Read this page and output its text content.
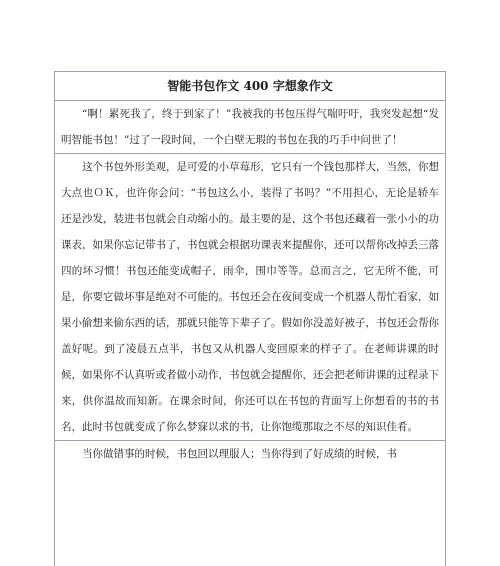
智能书包作文 400 字想象作文
“啊！累死我了，终于到家了！”我被我的书包压得气喘吁吁，我突发起想“发明智能书包！”过了一段时间，一个白壁无瑕的书包在我的巧手中问世了！
这个书包外形美观，是可爱的小草莓形，它只有一个钱包那样大，当然，你想大点也ＯＫ，也许你会问：“书包这么小，装得了书吗？”不用担心，无论是轿车还是沙发，装进书包就会自动缩小的。最主要的是，这个书包还藏着一张小小的功课表，如果你忘记带书了，书包就会根据功课表来提醒你，还可以帮你改掉丢三落四的坏习惯！书包还能变成帽子，雨伞，围巾等等。总而言之，它无所不能，可是，你要它做坏事是绝对不可能的。书包还会在夜间变成一个机器人帮忙看家，如果小偷想来偷东西的话，那就只能等下辈子了。假如你没盖好被子，书包还会帮你盖好呢。到了凌晨五点半，书包又从机器人变回原来的样子了。在老师讲课的时候，如果你不认真听或者做小动作，书包就会提醒你，还会把老师讲课的过程录下来，供你温故而知新。在课余时间，你还可以在书包的背面写上你想看的书的书名，此时书包就变成了你么梦寐以求的书，让你饱缆那取之不尽的知识佳肴。
当你做错事的时候，书包回以理服人；当你得到了好成绩的时候，书
